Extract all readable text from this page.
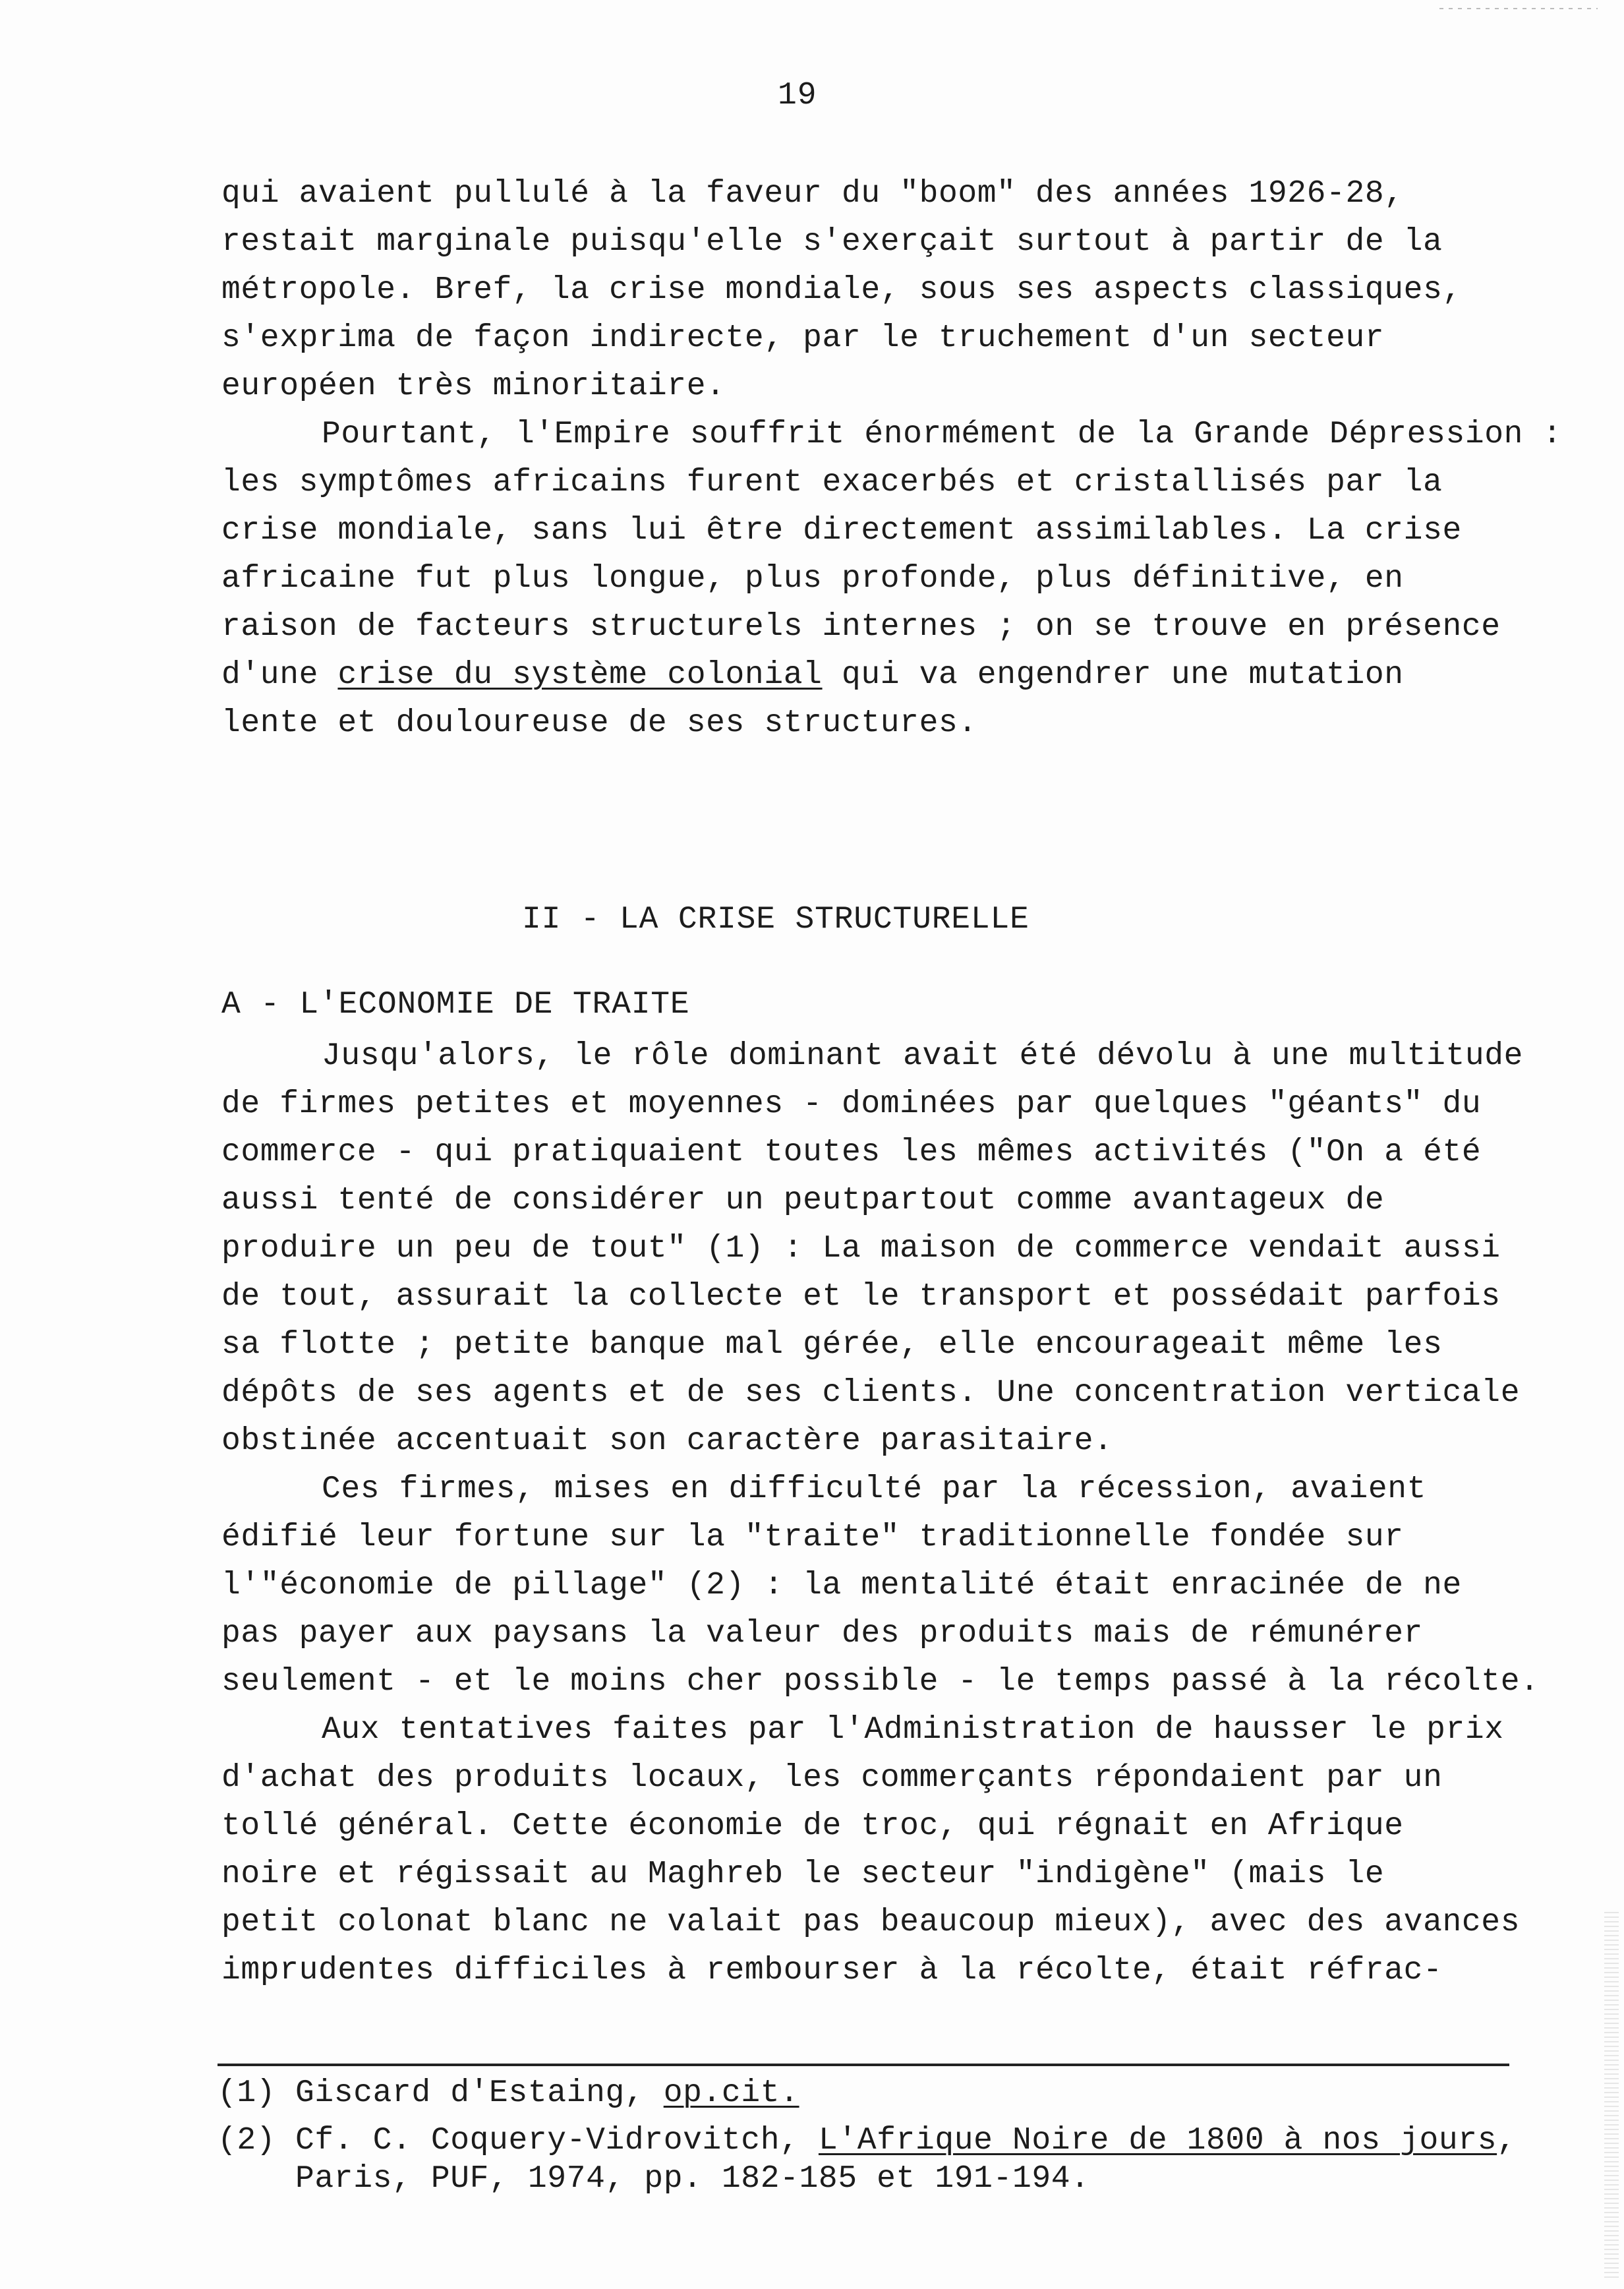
19
qui avaient pullulé à la faveur du "boom" des années 1926-28,
restait marginale puisqu'elle s'exerçait surtout à partir de la
métropole. Bref, la crise mondiale, sous ses aspects classiques,
s'exprima de façon indirecte, par le truchement d'un secteur
européen très minoritaire.
Pourtant, l'Empire souffrit énormément de la Grande Dépression :
les symptômes africains furent exacerbés et cristallisés par la
crise mondiale, sans lui être directement assimilables. La crise
africaine fut plus longue, plus profonde, plus définitive, en
raison de facteurs structurels internes ; on se trouve en présence
d'une crise du système colonial qui va engendrer une mutation
lente et douloureuse de ses structures.
II - LA CRISE STRUCTURELLE
A - L'ECONOMIE DE TRAITE
Jusqu'alors, le rôle dominant avait été dévolu à une multitude
de firmes petites et moyennes - dominées par quelques "géants" du
commerce - qui pratiquaient toutes les mêmes activités ("On a été
aussi tenté de considérer un peutpartout comme avantageux de
produire un peu de tout" (1) : La maison de commerce vendait aussi
de tout, assurait la collecte et le transport et possédait parfois
sa flotte ; petite banque mal gérée, elle encourageait même les
dépôts de ses agents et de ses clients. Une concentration verticale
obstinée accentuait son caractère parasitaire.
Ces firmes, mises en difficulté par la récession, avaient
édifié leur fortune sur la "traite" traditionnelle fondée sur
l'"économie de pillage" (2) : la mentalité était enracinée de ne
pas payer aux paysans la valeur des produits mais de rémunérer
seulement - et le moins cher possible - le temps passé à la récolte.
Aux tentatives faites par l'Administration de hausser le prix
d'achat des produits locaux, les commerçants répondaient par un
tollé général. Cette économie de troc, qui régnait en Afrique
noire et régissait au Maghreb le secteur "indigène" (mais le
petit colonat blanc ne valait pas beaucoup mieux), avec des avances
imprudentes difficiles à rembourser à la récolte, était réfrac-
(1) Giscard d'Estaing, op.cit.
(2) Cf. C. Coquery-Vidrovitch, L'Afrique Noire de 1800 à nos jours,
Paris, PUF, 1974, pp. 182-185 et 191-194.
